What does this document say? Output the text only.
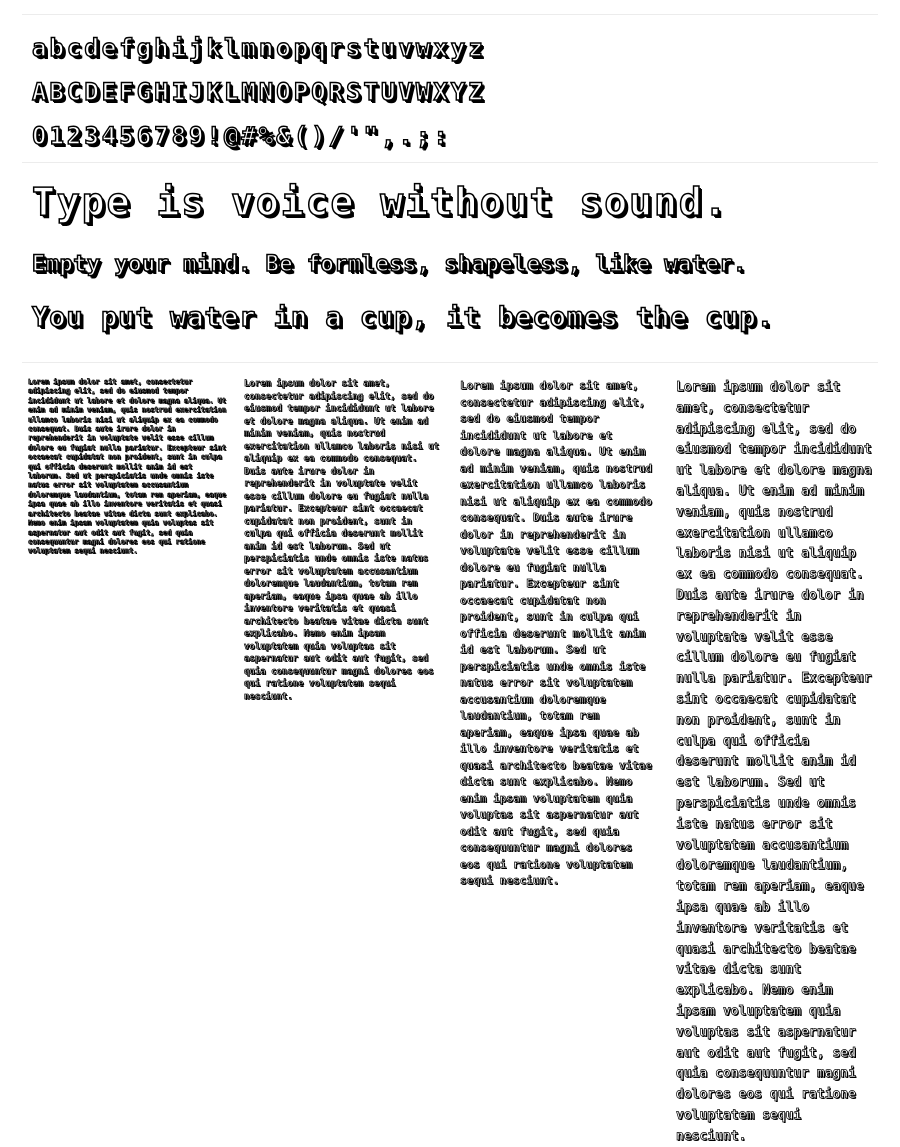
abcdefghijklmnopqrstuvwxyz
ABCDEFGHIJKLMNOPQRSTUVWXYZ
0123456789!@#%&()/'",.;:
Type is voice without sound.
Empty your mind. Be formless, shapeless, like water.
You put water in a cup, it becomes the cup.
Lorem ipsum dolor sit amet, consectetur adipiscing elit, sed do eiusmod tempor incididunt ut labore et dolore magna aliqua. Ut enim ad minim veniam, quis nostrud exercitation ullamco laboris nisi ut aliquip ex ea commodo consequat. Duis aute irure dolor in reprehenderit in voluptate velit esse cillum dolore eu fugiat nulla pariatur. Excepteur sint occaecat cupidatat non proident, sunt in culpa qui officia deserunt mollit anim id est laborum. Sed ut perspiciatis unde omnis iste natus error sit voluptatem accusantium doloremque laudantium, totam rem aperiam, eaque ipsa quae ab illo inventore veritatis et quasi architecto beatae vitae dicta sunt explicabo. Nemo enim ipsam voluptatem quia voluptas sit aspernatur aut odit aut fugit, sed quia consequuntur magni dolores eos qui ratione voluptatem sequi nesciunt.
Lorem ipsum dolor sit amet, consectetur adipiscing elit, sed do eiusmod tempor incididunt ut labore et dolore magna aliqua. Ut enim ad minim veniam, quis nostrud exercitation ullamco laboris nisi ut aliquip ex ea commodo consequat. Duis aute irure dolor in reprehenderit in voluptate velit esse cillum dolore eu fugiat nulla pariatur. Excepteur sint occaecat cupidatat non proident, sunt in culpa qui officia deserunt mollit anim id est laborum. Sed ut perspiciatis unde omnis iste natus error sit voluptatem accusantium doloremque laudantium, totam rem aperiam, eaque ipsa quae ab illo inventore veritatis et quasi architecto beatae vitae dicta sunt explicabo. Nemo enim ipsam voluptatem quia voluptas sit aspernatur aut odit aut fugit, sed quia consequuntur magni dolores eos qui ratione voluptatem sequi nesciunt.
Lorem ipsum dolor sit amet, consectetur adipiscing elit, sed do eiusmod tempor incididunt ut labore et dolore magna aliqua. Ut enim ad minim veniam, quis nostrud exercitation ullamco laboris nisi ut aliquip ex ea commodo consequat. Duis aute irure dolor in reprehenderit in voluptate velit esse cillum dolore eu fugiat nulla pariatur. Excepteur sint occaecat cupidatat non proident, sunt in culpa qui officia deserunt mollit anim id est laborum. Sed ut perspiciatis unde omnis iste natus error sit voluptatem accusantium doloremque laudantium, totam rem aperiam, eaque ipsa quae ab illo inventore veritatis et quasi architecto beatae vitae dicta sunt explicabo. Nemo enim ipsam voluptatem quia voluptas sit aspernatur aut odit aut fugit, sed quia consequuntur magni dolores eos qui ratione voluptatem sequi nesciunt.
Lorem ipsum dolor sit amet, consectetur adipiscing elit, sed do eiusmod tempor incididunt ut labore et dolore magna aliqua. Ut enim ad minim veniam, quis nostrud exercitation ullamco laboris nisi ut aliquip ex ea commodo consequat. Duis aute irure dolor in reprehenderit in voluptate velit esse cillum dolore eu fugiat nulla pariatur. Excepteur sint occaecat cupidatat non proident, sunt in culpa qui officia deserunt mollit anim id est laborum. Sed ut perspiciatis unde omnis iste natus error sit voluptatem accusantium doloremque laudantium, totam rem aperiam, eaque ipsa quae ab illo inventore veritatis et quasi architecto beatae vitae dicta sunt explicabo. Nemo enim ipsam voluptatem quia voluptas sit aspernatur aut odit aut fugit, sed quia consequuntur magni dolores eos qui ratione voluptatem sequi nesciunt.
